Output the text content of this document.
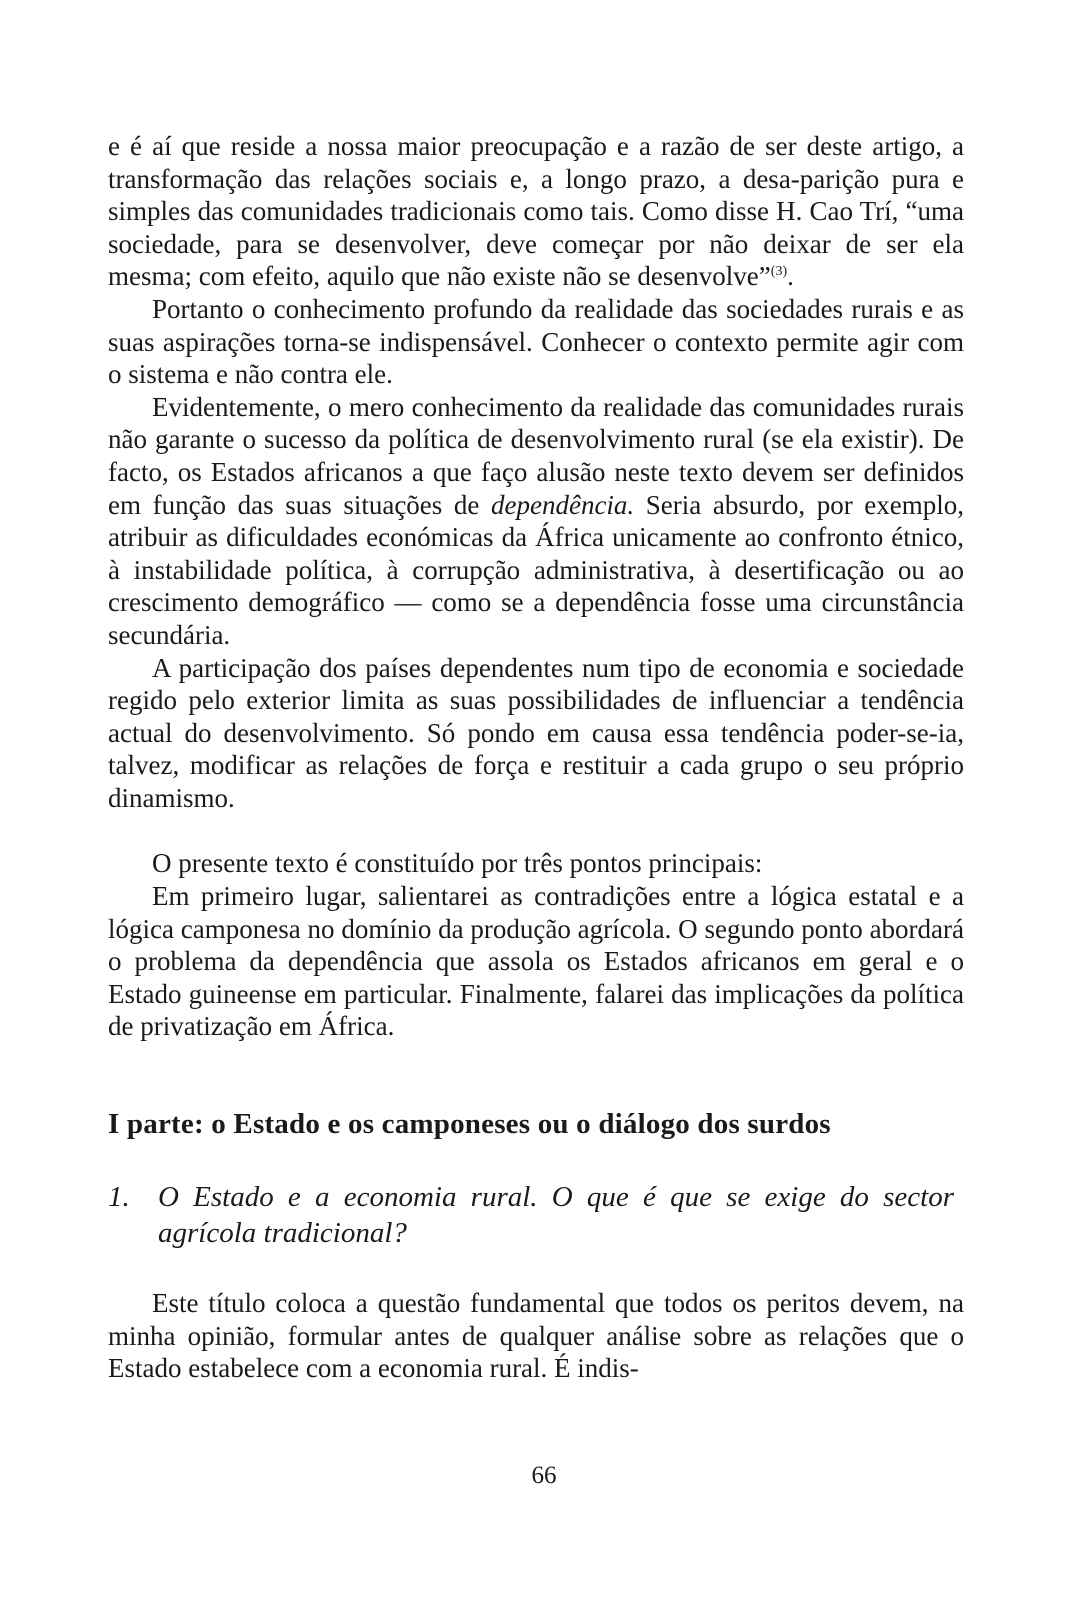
e é aí que reside a nossa maior preocupação e a razão de ser deste artigo, a transformação das relações sociais e, a longo prazo, a desa-parição pura e simples das comunidades tradicionais como tais. Como disse H. Cao Trí, “uma sociedade, para se desenvolver, deve começar por não deixar de ser ela mesma; com efeito, aquilo que não existe não se desenvolve”$^{(3)}$.

Portanto o conhecimento profundo da realidade das sociedades rurais e as suas aspirações torna-se indispensável. Conhecer o contexto permite agir com o sistema e não contra ele.

Evidentemente, o mero conhecimento da realidade das comunidades rurais não garante o sucesso da política de desenvolvimento rural (se ela existir). De facto, os Estados africanos a que faço alusão neste texto devem ser definidos em função das suas situações de dependência. Seria absurdo, por exemplo, atribuir as dificuldades económicas da África unicamente ao confronto étnico, à instabilidade política, à corrupção administrativa, à desertificação ou ao crescimento demográfico — como se a dependência fosse uma circunstância secundária.

A participação dos países dependentes num tipo de economia e sociedade regido pelo exterior limita as suas possibilidades de influenciar a tendência actual do desenvolvimento. Só pondo em causa essa tendência poder-se-ia, talvez, modificar as relações de força e restituir a cada grupo o seu próprio dinamismo.

O presente texto é constituído por três pontos principais:

Em primeiro lugar, salientarei as contradições entre a lógica estatal e a lógica camponesa no domínio da produção agrícola. O segundo ponto abordará o problema da dependência que assola os Estados africanos em geral e o Estado guineense em particular. Finalmente, falarei das implicações da política de privatização em África.

I parte: o Estado e os camponeses ou o diálogo dos surdos
1. O Estado e a economia rural. O que é que se exige do sector agrícola tradicional?

Este título coloca a questão fundamental que todos os peritos devem, na minha opinião, formular antes de qualquer análise sobre as relações que o Estado estabelece com a economia rural. É indis-

66
